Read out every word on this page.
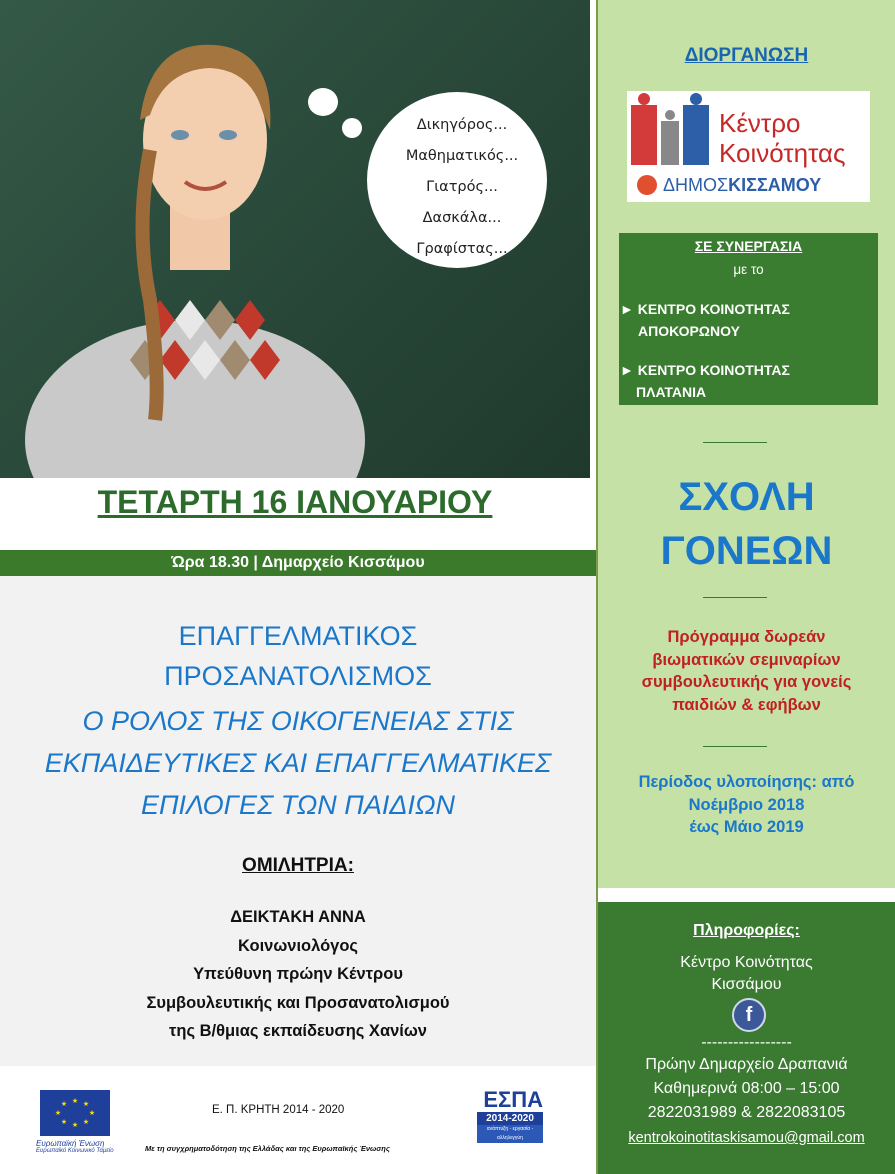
Δικηγόρος...
Μαθηματικός...
Γιατρός...
Δασκάλα...
Γραφίστας...
ΤΕΤΑΡΤΗ 16 ΙΑΝΟΥΑΡΙΟΥ
Ώρα 18.30 | Δημαρχείο Κισσάμου
ΕΠΑΓΓΕΛΜΑΤΙΚΟΣ
ΠΡΟΣΑΝΑΤΟΛΙΣΜΟΣ
Ο ΡΟΛΟΣ ΤΗΣ ΟΙΚΟΓΕΝΕΙΑΣ ΣΤΙΣ
ΕΚΠΑΙΔΕΥΤΙΚΕΣ ΚΑΙ ΕΠΑΓΓΕΛΜΑΤΙΚΕΣ
ΕΠΙΛΟΓΕΣ ΤΩΝ ΠΑΙΔΙΩΝ
ΟΜΙΛΗΤΡΙΑ:
ΔΕΙΚΤΑΚΗ ΑΝΝΑ
Κοινωνιολόγος
Υπεύθυνη πρώην Κέντρου
Συμβουλευτικής και Προσανατολισμού
της Β/θμιας εκπαίδευσης Χανίων
★ ★
★
★
★
★
★
★
Ευρωπαϊκή Ένωση
Ευρωπαϊκό Κοινωνικό Ταμείο
Ε. Π. ΚΡΗΤΗ 2014 - 2020
Με τη συγχρηματοδότηση της Ελλάδας και της Ευρωπαϊκής Ένωσης
ΕΣΠΑ
2014-2020
ανάπτυξη - εργασία - αλληλεγγύη
ΔΙΟΡΓΑΝΩΣΗ
Κέντρο
Κοινότητας
ΔΗΜΟΣΚΙΣΣΑΜΟΥ
ΣΕ ΣΥΝΕΡΓΑΣΙΑ
με το
► ΚΕΝΤΡΟ ΚΟΙΝΟΤΗΤΑΣ
ΑΠΟΚΟΡΩΝΟΥ
► ΚΕΝΤΡΟ ΚΟΙΝΟΤΗΤΑΣ
ΠΛΑΤΑΝΙΑ
ΣΧΟΛΗ
ΓΟΝΕΩΝ
Πρόγραμμα δωρεάν
βιωματικών σεμιναρίων
συμβουλευτικής για γονείς
παιδιών & εφήβων
Περίοδος υλοποίησης: από
Νοέμβριο 2018
έως Μάιο 2019
Πληροφορίες:
Κέντρο Κοινότητας
Κισσάμου
f
-----------------
Πρώην Δημαρχείο Δραπανιά
Καθημερινά 08:00 – 15:00
2822031989 & 2822083105
kentrokoinotitaskisamou@gmail.com
